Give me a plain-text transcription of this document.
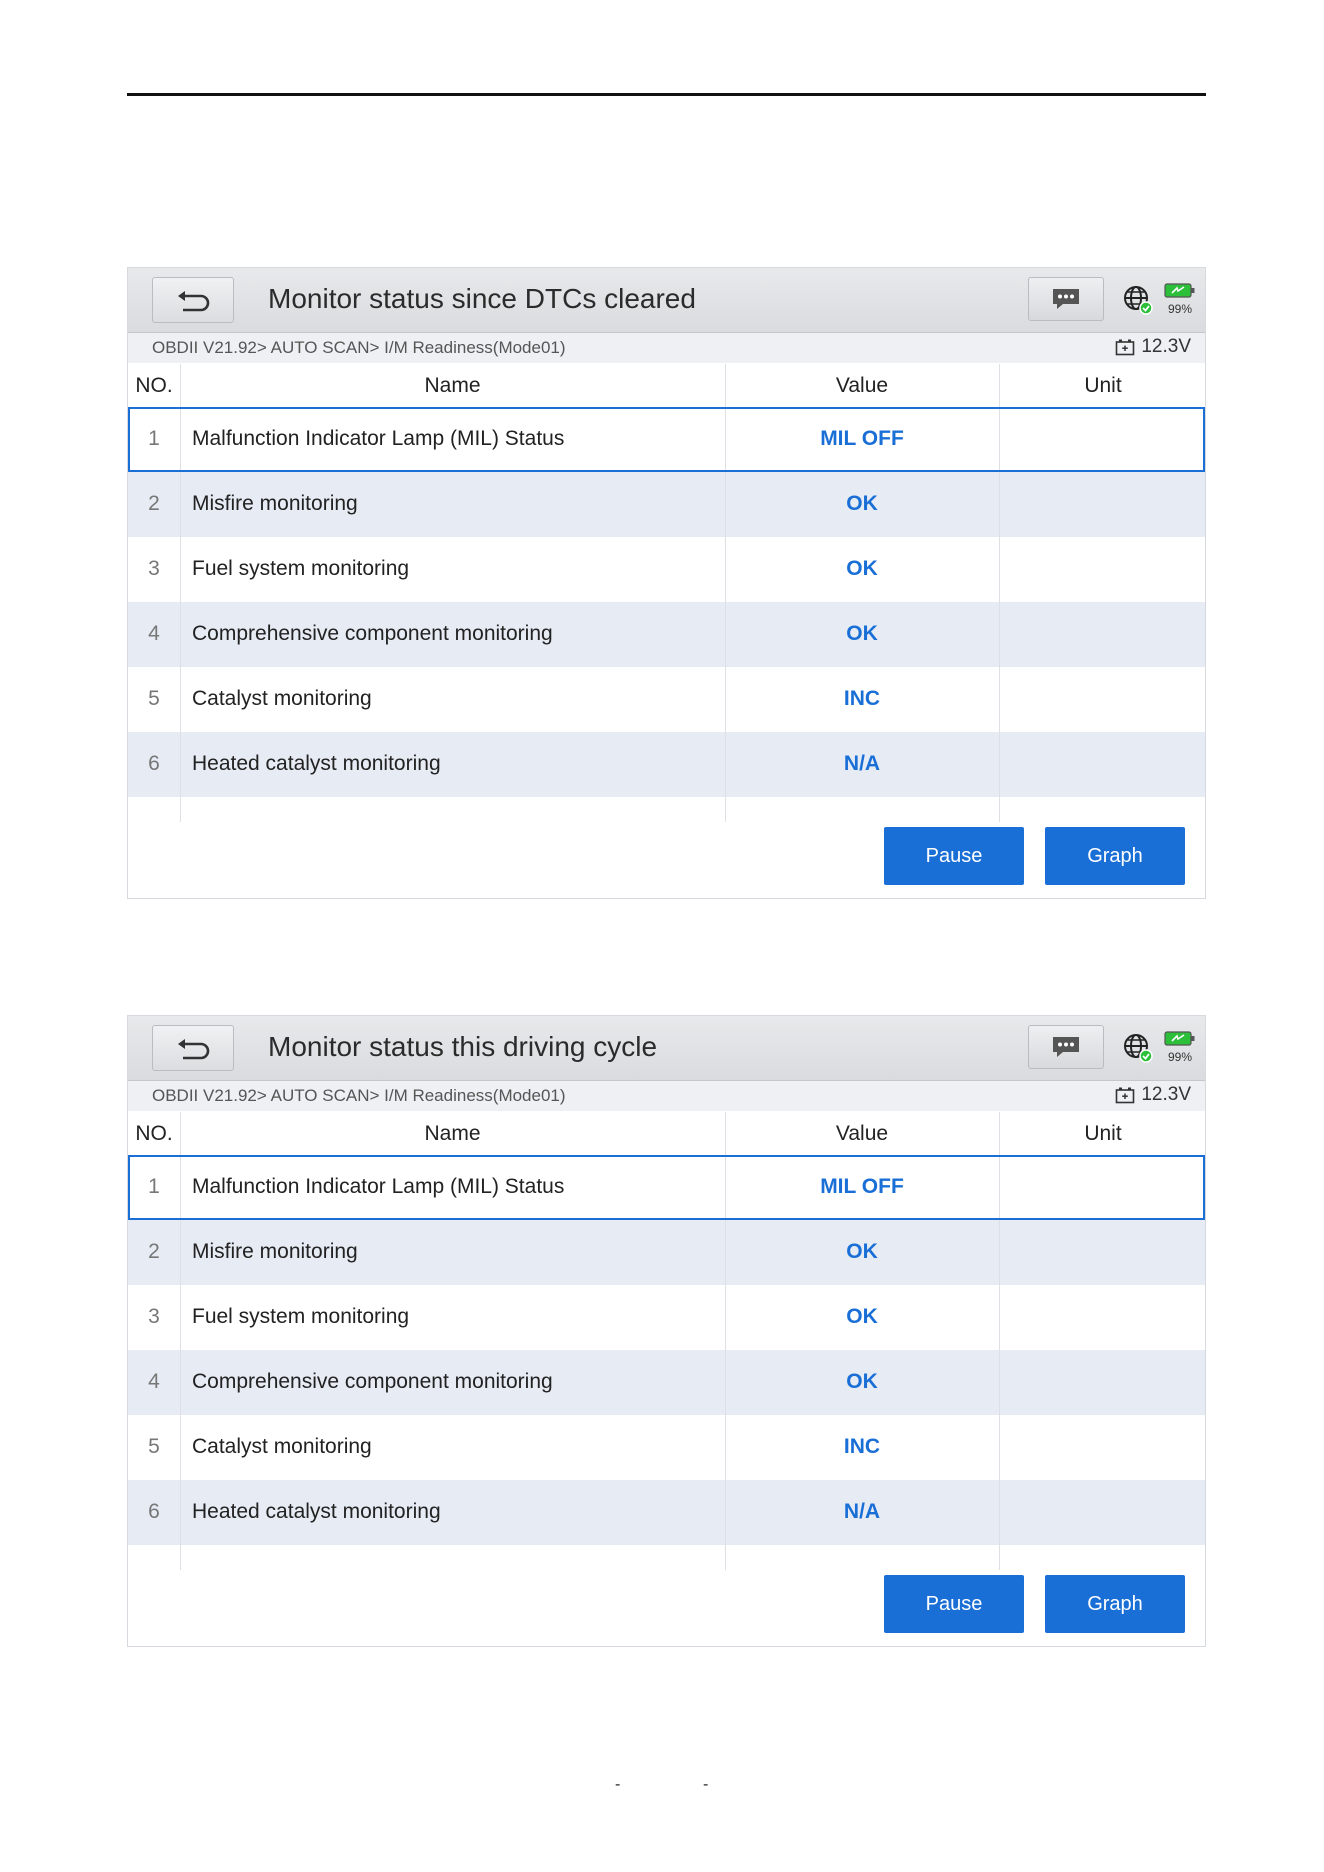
Monitor status since DTCs cleared	99%
OBDII V21.92> AUTO SCAN> I/M Readiness(Mode01)	12.3V
NO.	Name	Value	Unit
1	Malfunction Indicator Lamp (MIL) Status	MIL OFF
2	Misfire monitoring	OK
3	Fuel system monitoring	OK
4	Comprehensive component monitoring	OK
5	Catalyst monitoring	INC
6	Heated catalyst monitoring	N/A
Pause	Graph
Monitor status this driving cycle	99%
OBDII V21.92> AUTO SCAN> I/M Readiness(Mode01)	12.3V
NO.	Name	Value	Unit
1	Malfunction Indicator Lamp (MIL) Status	MIL OFF
2	Misfire monitoring	OK
3	Fuel system monitoring	OK
4	Comprehensive component monitoring	OK
5	Catalyst monitoring	INC
6	Heated catalyst monitoring	N/A
Pause	Graph
-	-
